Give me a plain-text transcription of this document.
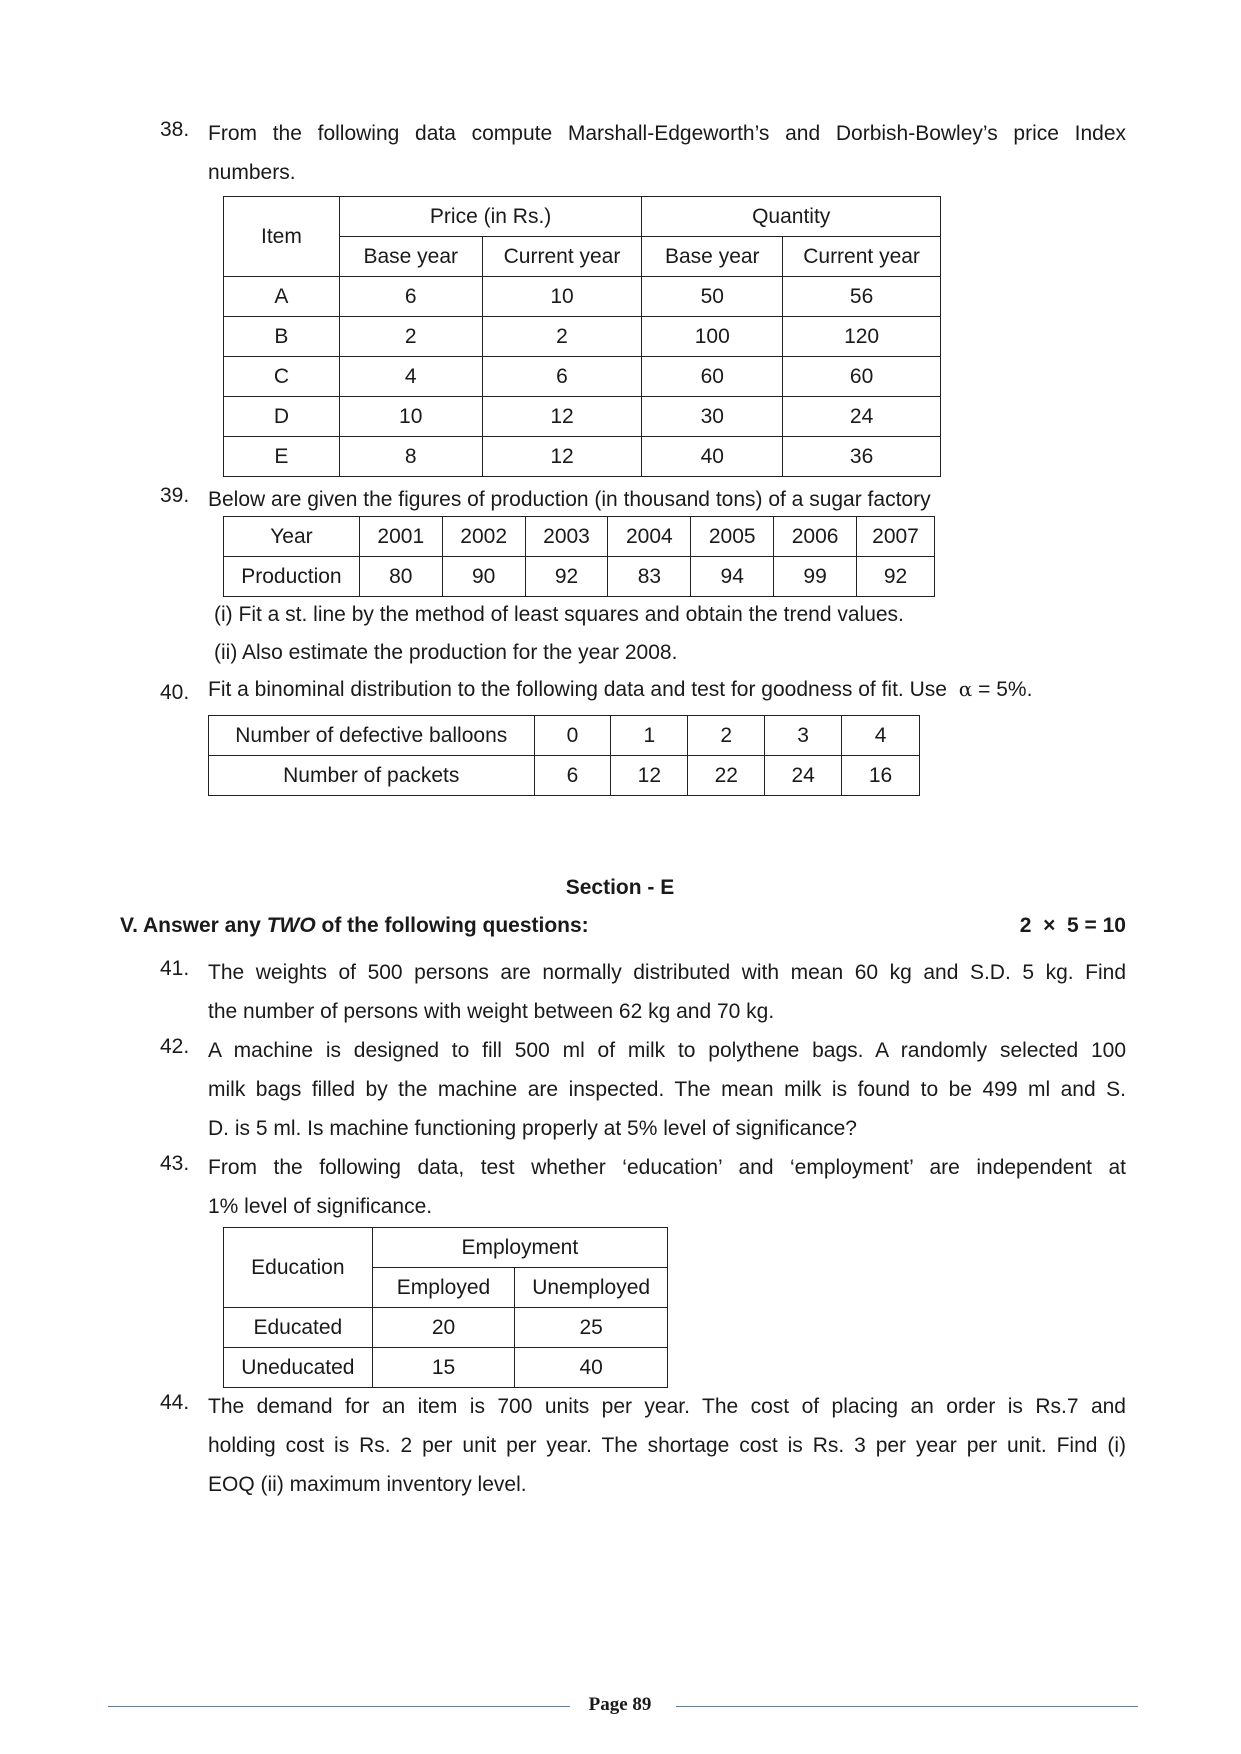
38. From the following data compute Marshall-Edgeworth’s and Dorbish-Bowley’s price Index
numbers.
Item	Price (in Rs.)		Quantity	
	Base year	Current year	Base year	Current year
A	6	10	50	56
B	2	2	100	120
C	4	6	60	60
D	10	12	30	24
E	8	12	40	36
39. Below are given the figures of production (in thousand tons) of a sugar factory
Year	2001	2002	2003	2004	2005	2006	2007
Production	80	90	92	83	94	99	92
(i) Fit a st. line by the method of least squares and obtain the trend values.
(ii) Also estimate the production for the year 2008.
40. Fit a binominal distribution to the following data and test for goodness of fit. Use α = 5%.
Number of defective balloons	0	1	2	3	4
Number of packets	6	12	22	24	16
Section - E
V. Answer any TWO of the following questions:	2  ×  5 = 10
41. The weights of 500 persons are normally distributed with mean 60 kg and S.D. 5 kg. Find
the number of persons with weight between 62 kg and 70 kg.
42. A machine is designed to fill 500 ml of milk to polythene bags. A randomly selected 100
milk bags filled by the machine are inspected. The mean milk is found to be 499 ml and S.
D. is 5 ml. Is machine functioning properly at 5% level of significance?
43. From the following data, test whether ‘education’ and ‘employment’ are independent at
1% level of significance.
Education	Employment	
	Employed	Unemployed
Educated	20	25
Uneducated	15	40
44. The demand for an item is 700 units per year. The cost of placing an order is Rs.7 and
holding cost is Rs. 2 per unit per year. The shortage cost is Rs. 3 per year per unit. Find (i)
EOQ (ii) maximum inventory level.
Page 89
